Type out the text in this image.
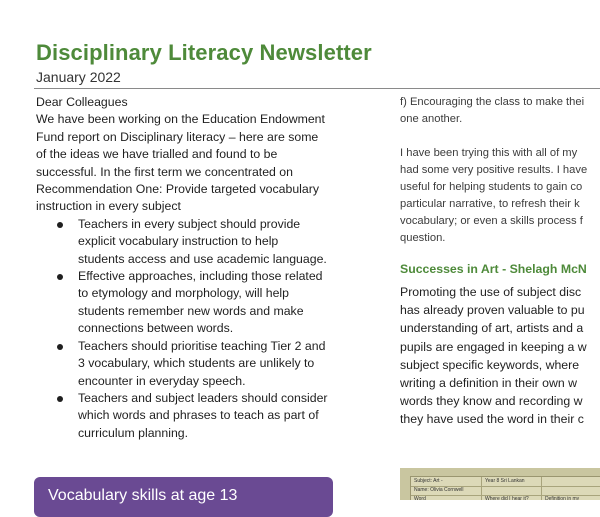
Disciplinary Literacy Newsletter
January 2022

Dear Colleagues

We have been working on the Education Endowment
Fund report on Disciplinary literacy – here are some
of the ideas we have trialled and found to be
successful. In the first term we concentrated on
Recommendation One: Provide targeted vocabulary
instruction in every subject
Teachers in every subject should provide
explicit vocabulary instruction to help
students access and use academic language.
Effective approaches, including those related
to etymology and morphology, will help
students remember new words and make
connections between words.
Teachers should prioritise teaching Tier 2 and
3 vocabulary, which students are unlikely to
encounter in everyday speech.
Teachers and subject leaders should consider
which words and phrases to teach as part of
curriculum planning.
Vocabulary skills at age 13

f) Encouraging the class to make thei

one another.

I have been trying this with all of my

had some very positive results. I have

useful for helping students to gain co

particular narrative, to refresh their k

vocabulary; or even a skills process f

question.

Successes in Art - Shelagh McN

Promoting the use of subject disc

has already proven valuable to pu

understanding of art, artists and a

pupils are engaged in keeping a w

subject specific keywords, where

writing a definition in their own w

words they know and recording w

they have used the word in their c

Subject: Art -	Year 8 Sri Lankan
Name: Olivia Cornwell
Word	Where did I hear it?	Definition in my
